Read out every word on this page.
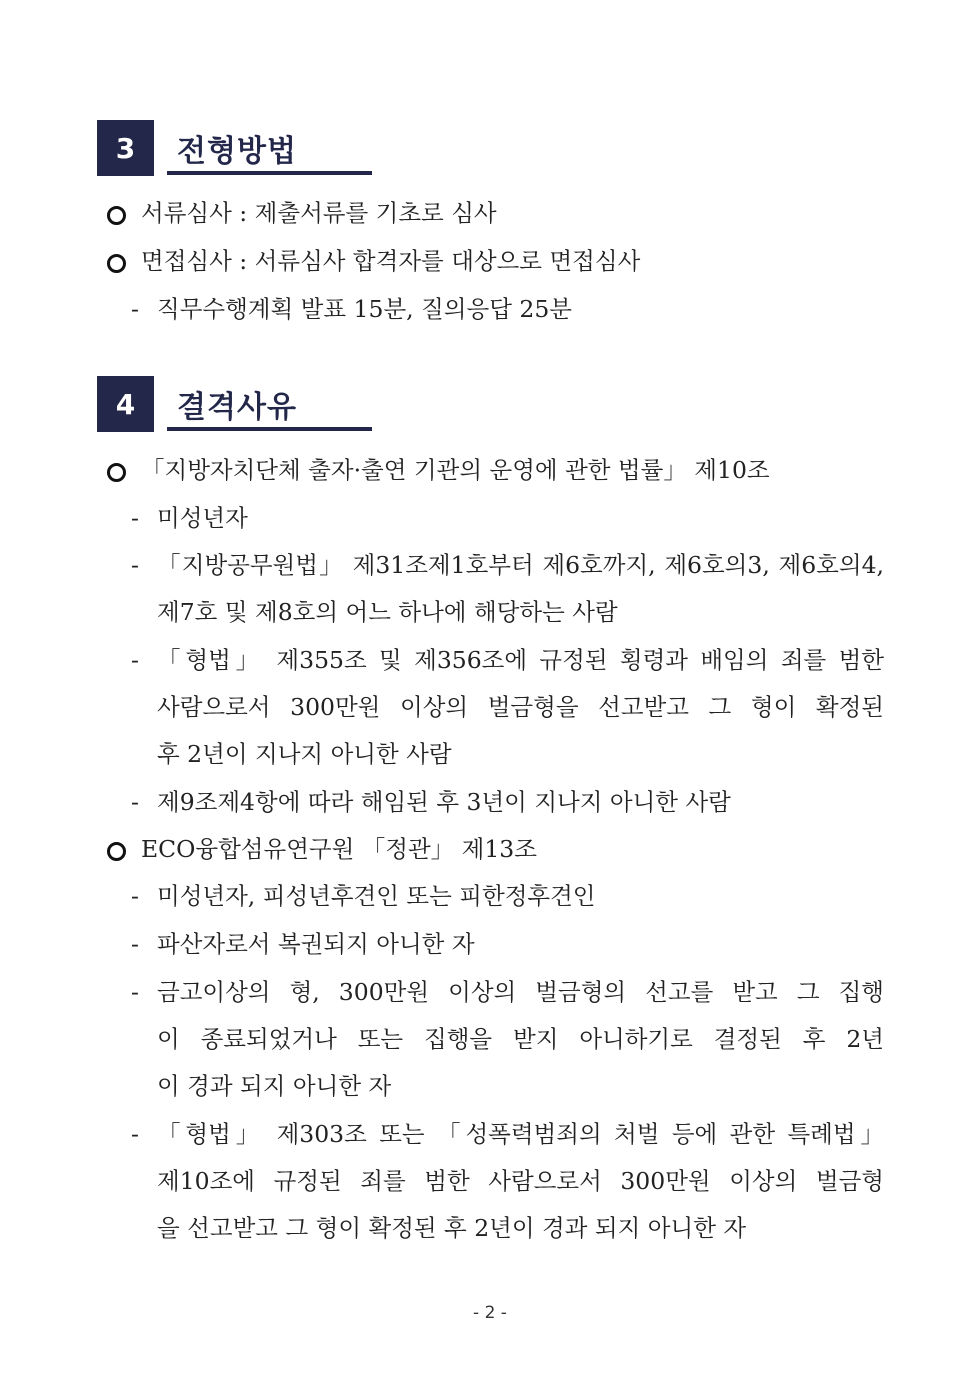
3	전형방법
서류심사 : 제출서류를 기초로 심사
면접심사 : 서류심사 합격자를 대상으로 면접심사
- 직무수행계획 발표 15분, 질의응답 25분
4	결격사유
「지방자치단체 출자·출연 기관의 운영에 관한 법률」 제10조
- 미성년자
- 「지방공무원법」 제31조제1호부터 제6호까지, 제6호의3, 제6호의4,
제7호 및 제8호의 어느 하나에 해당하는 사람
- 「형법」 제355조 및 제356조에 규정된 횡령과 배임의 죄를 범한
사람으로서 300만원 이상의 벌금형을 선고받고 그 형이 확정된
후 2년이 지나지 아니한 사람
- 제9조제4항에 따라 해임된 후 3년이 지나지 아니한 사람
ECO융합섬유연구원 「정관」 제13조
- 미성년자, 피성년후견인 또는 피한정후견인
- 파산자로서 복권되지 아니한 자
- 금고이상의 형, 300만원 이상의 벌금형의 선고를 받고 그 집행
이 종료되었거나 또는 집행을 받지 아니하기로 결정된 후 2년
이 경과 되지 아니한 자
- 「형법」 제303조 또는 「성폭력범죄의 처벌 등에 관한 특례법」
제10조에 규정된 죄를 범한 사람으로서 300만원 이상의 벌금형
을 선고받고 그 형이 확정된 후 2년이 경과 되지 아니한 자
- 2 -
